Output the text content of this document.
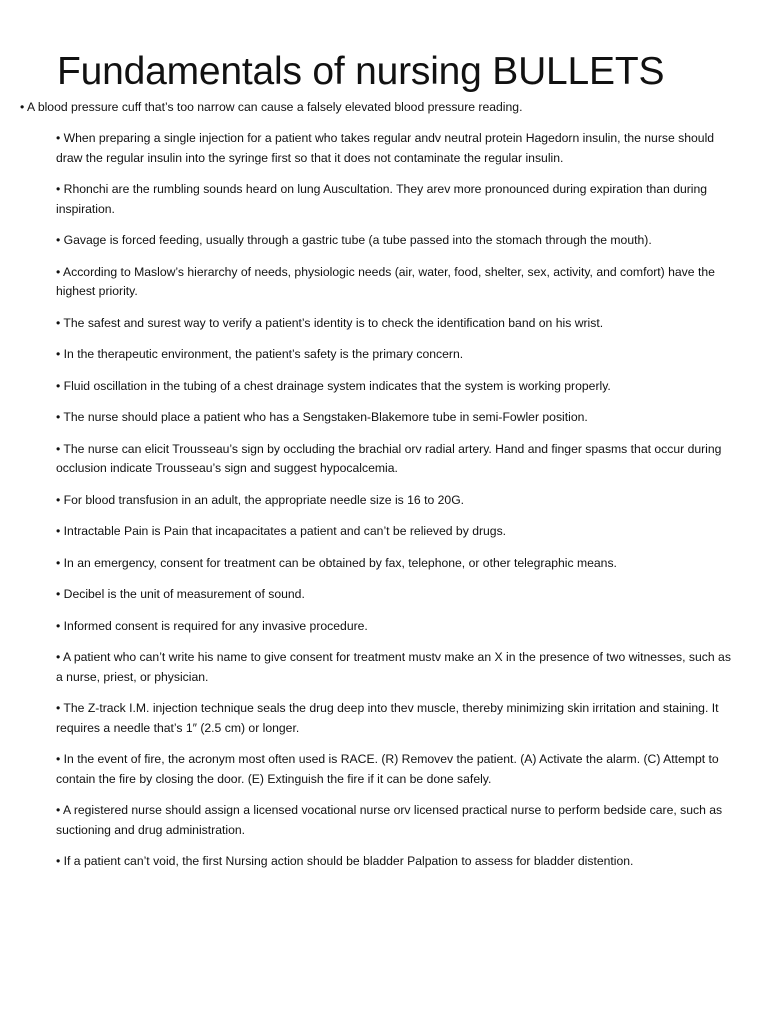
Fundamentals of nursing BULLETS
• A blood pressure cuff that’s too narrow can cause a falsely elevated blood pressure reading.
• When preparing a single injection for a patient who takes regular andv neutral protein Hagedorn insulin, the nurse should draw the regular insulin into the syringe first so that it does not contaminate the regular insulin.
• Rhonchi are the rumbling sounds heard on lung Auscultation. They arev more pronounced during expiration than during inspiration.
• Gavage is forced feeding, usually through a gastric tube (a tube passed into the stomach through the mouth).
• According to Maslow’s hierarchy of needs, physiologic needs (air, water, food, shelter, sex, activity, and comfort) have the highest priority.
• The safest and surest way to verify a patient’s identity is to check the identification band on his wrist.
• In the therapeutic environment, the patient’s safety is the primary concern.
• Fluid oscillation in the tubing of a chest drainage system indicates that the system is working properly.
• The nurse should place a patient who has a Sengstaken-Blakemore tube in semi-Fowler position.
• The nurse can elicit Trousseau’s sign by occluding the brachial orv radial artery. Hand and finger spasms that occur during occlusion indicate Trousseau’s sign and suggest hypocalcemia.
• For blood transfusion in an adult, the appropriate needle size is 16 to 20G.
• Intractable Pain is Pain that incapacitates a patient and can’t be relieved by drugs.
• In an emergency, consent for treatment can be obtained by fax, telephone, or other telegraphic means.
• Decibel is the unit of measurement of sound.
• Informed consent is required for any invasive procedure.
• A patient who can’t write his name to give consent for treatment mustv make an X in the presence of two witnesses, such as a nurse, priest, or physician.
• The Z-track I.M. injection technique seals the drug deep into thev muscle, thereby minimizing skin irritation and staining. It requires a needle that’s 1″ (2.5 cm) or longer.
• In the event of fire, the acronym most often used is RACE. (R) Removev the patient. (A) Activate the alarm. (C) Attempt to contain the fire by closing the door. (E) Extinguish the fire if it can be done safely.
• A registered nurse should assign a licensed vocational nurse orv licensed practical nurse to perform bedside care, such as suctioning and drug administration.
• If a patient can’t void, the first Nursing action should be bladder Palpation to assess for bladder distention.
